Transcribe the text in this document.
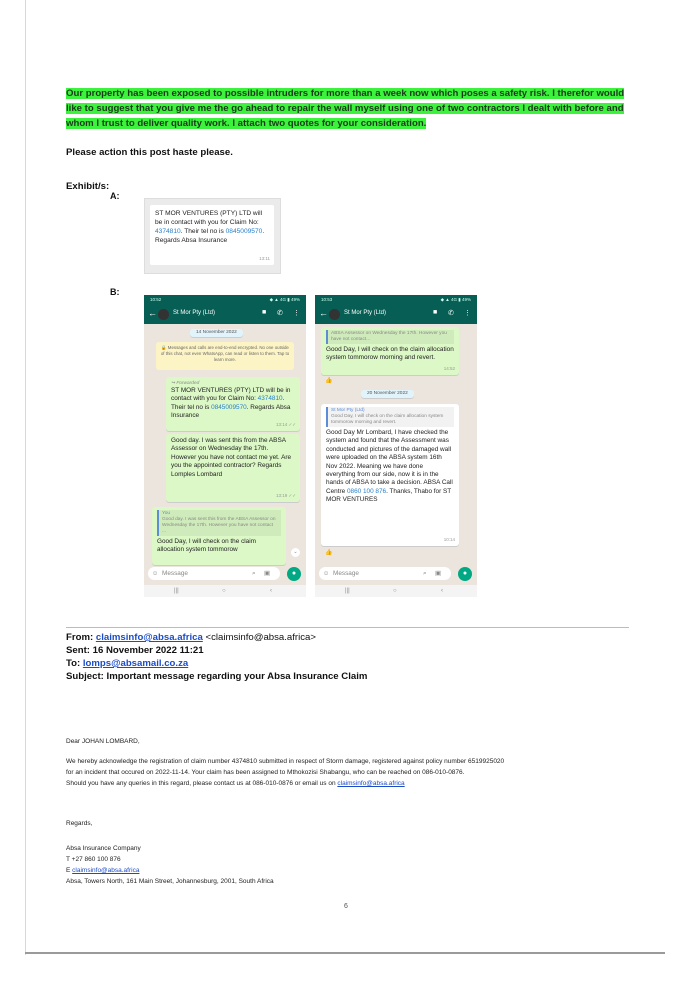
Our property has been exposed to possible intruders for more than a week now which poses a safety risk. I therefor would like to suggest that you give me the go ahead to repair the wall myself using one of two contractors I dealt with before and whom I trust to deliver quality work. I attach two quotes for your consideration.
Please action this post haste please.
Exhibit/s:
A:
ST MOR VENTURES (PTY) LTD will be in contact with you for Claim No: 4374810. Their tel no is 0845009570. Regards Absa Insurance
13:11
B:
10:52	◆ ▲ 4G ▮ 49%
←	St Mor Pty (Ltd)	■ ✆ ⋮
14 November 2022
🔒 Messages and calls are end-to-end encrypted. No one outside of this chat, not even WhatsApp, can read or listen to them. Tap to learn more.
↪ Forwarded
ST MOR VENTURES (PTY) LTD will be in contact with you for Claim No: 4374810. Their tel no is 0845009570. Regards Absa Insurance
13:14 ✓✓
Good day. I was sent this from the ABSA Assessor on Wednesday the 17th. However you have not contact me yet. Are you the appointed contractor? Regards Lomples Lombard
13:19 ✓✓
You
Good day. I was sent this from the ABSA Assessor on Wednesday the 17th. However you have not contact ...
Good Day, I will check on the claim allocation system tommorow	⌄
☺ Message	⌕ ▣	●
|||	○	‹
10:53	◆ ▲ 4G ▮ 49%
←	St Mor Pty (Ltd)	■ ✆ ⋮
ABSA Assessor on Wednesday the 17th. However you have not contact...
Good Day, I will check on the claim allocation system tommorow morning and revert.
14:52
👍
20 November 2022
St Mor Pty (Ltd)
Good Day, I will check on the claim allocation system tommorow morning and revert.
Good Day Mr Lombard, I have checked the system and found that the Assessment was conducted and pictures of the damaged wall were uploaded on the ABSA system 16th Nov 2022. Meaning we have done everything from our side, now it is in the hands of ABSA to take a decision. ABSA Call Centre 0860 100 876. Thanks, Thabo for ST MOR VENTURES
10:14
👍
☺ Message	⌕ ▣	●
|||	○	‹
From: claimsinfo@absa.africa <claimsinfo@absa.africa>
Sent: 16 November 2022 11:21
To: lomps@absamail.co.za
Subject: Important message regarding your Absa Insurance Claim
Dear JOHAN LOMBARD,
We hereby acknowledge the registration of claim number 4374810 submitted in respect of Storm damage, registered against policy number 6519925020
for an incident that occured on 2022-11-14. Your claim has been assigned to Mthokozisi Shabangu, who can be reached on 086-010-0876.
Should you have any queries in this regard, please contact us at 086-010-0876 or email us on claimsinfo@absa.africa
Regards,
Absa Insurance Company
T +27 860 100 876
E claimsinfo@absa.africa
Absa, Towers North, 161 Main Street, Johannesburg, 2001, South Africa
6
